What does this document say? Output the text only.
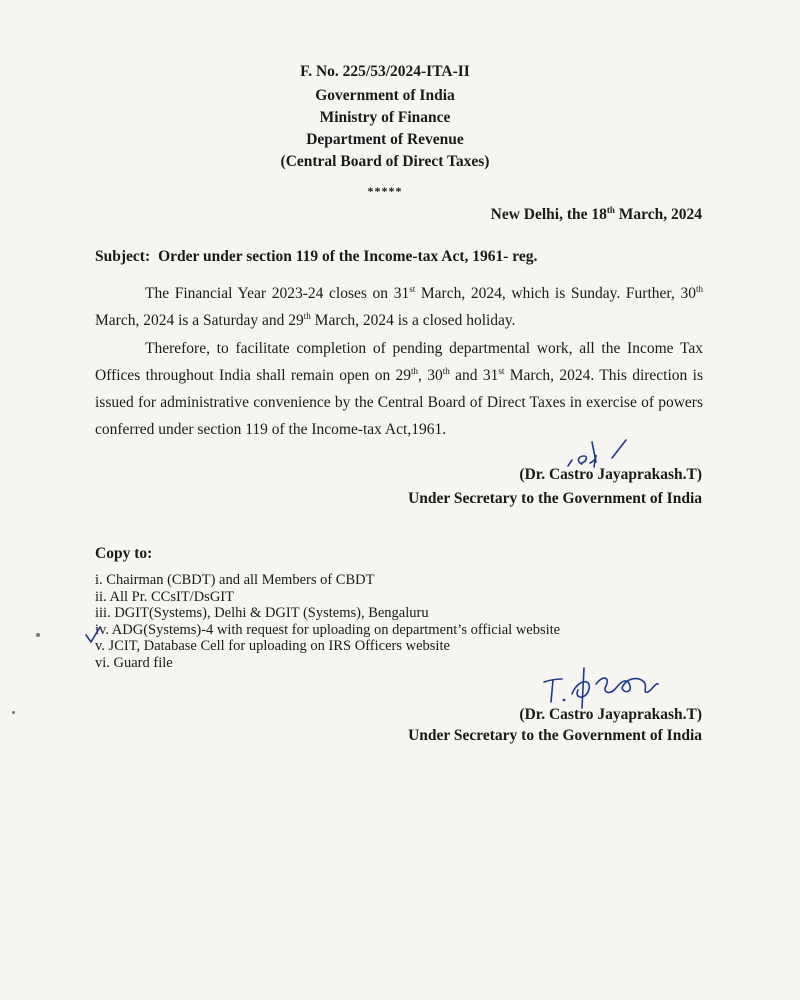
F. No. 225/53/2024-ITA-II
Government of India
Ministry of Finance
Department of Revenue
(Central Board of Direct Taxes)
*****
New Delhi, the 18th March, 2024
Subject: Order under section 119 of the Income-tax Act, 1961- reg.
The Financial Year 2023-24 closes on 31st March, 2024, which is Sunday. Further, 30th March, 2024 is a Saturday and 29th March, 2024 is a closed holiday.
Therefore, to facilitate completion of pending departmental work, all the Income Tax Offices throughout India shall remain open on 29th, 30th and 31st March, 2024. This direction is issued for administrative convenience by the Central Board of Direct Taxes in exercise of powers conferred under section 119 of the Income-tax Act,1961.
(Dr. Castro Jayaprakash.T)
Under Secretary to the Government of India
Copy to:
i. Chairman (CBDT) and all Members of CBDT
ii. All Pr. CCsIT/DsGIT
iii. DGIT(Systems), Delhi & DGIT (Systems), Bengaluru
iv. ADG(Systems)-4 with request for uploading on department’s official website
v. JCIT, Database Cell for uploading on IRS Officers website
vi. Guard file
(Dr. Castro Jayaprakash.T)
Under Secretary to the Government of India
